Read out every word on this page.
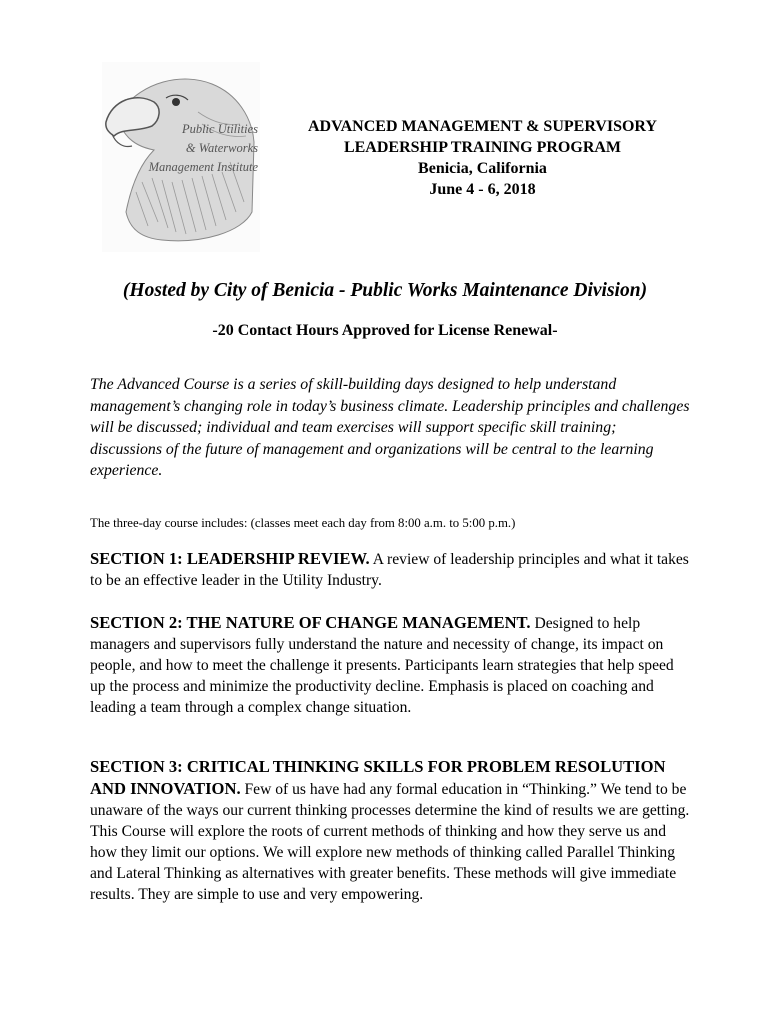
Public Utilities
& Waterworks
Management Institute
ADVANCED MANAGEMENT & SUPERVISORY
LEADERSHIP TRAINING PROGRAM
Benicia, California
June 4 - 6, 2018
(Hosted by City of Benicia - Public Works Maintenance Division)
-20 Contact Hours Approved for License Renewal-
The Advanced Course is a series of skill-building days designed to help understand management’s changing role in today’s business climate. Leadership principles and challenges will be discussed; individual and team exercises will support specific skill training; discussions of the future of management and organizations will be central to the learning experience.
The three-day course includes: (classes meet each day from 8:00 a.m. to 5:00 p.m.)
SECTION 1: LEADERSHIP REVIEW. A review of leadership principles and what it takes to be an effective leader in the Utility Industry.
SECTION 2: THE NATURE OF CHANGE MANAGEMENT. Designed to help managers and supervisors fully understand the nature and necessity of change, its impact on people, and how to meet the challenge it presents. Participants learn strategies that help speed up the process and minimize the productivity decline. Emphasis is placed on coaching and leading a team through a complex change situation.
SECTION 3: CRITICAL THINKING SKILLS FOR PROBLEM RESOLUTION AND INNOVATION. Few of us have had any formal education in “Thinking.” We tend to be unaware of the ways our current thinking processes determine the kind of results we are getting. This Course will explore the roots of current methods of thinking and how they serve us and how they limit our options. We will explore new methods of thinking called Parallel Thinking and Lateral Thinking as alternatives with greater benefits. These methods will give immediate results. They are simple to use and very empowering.
